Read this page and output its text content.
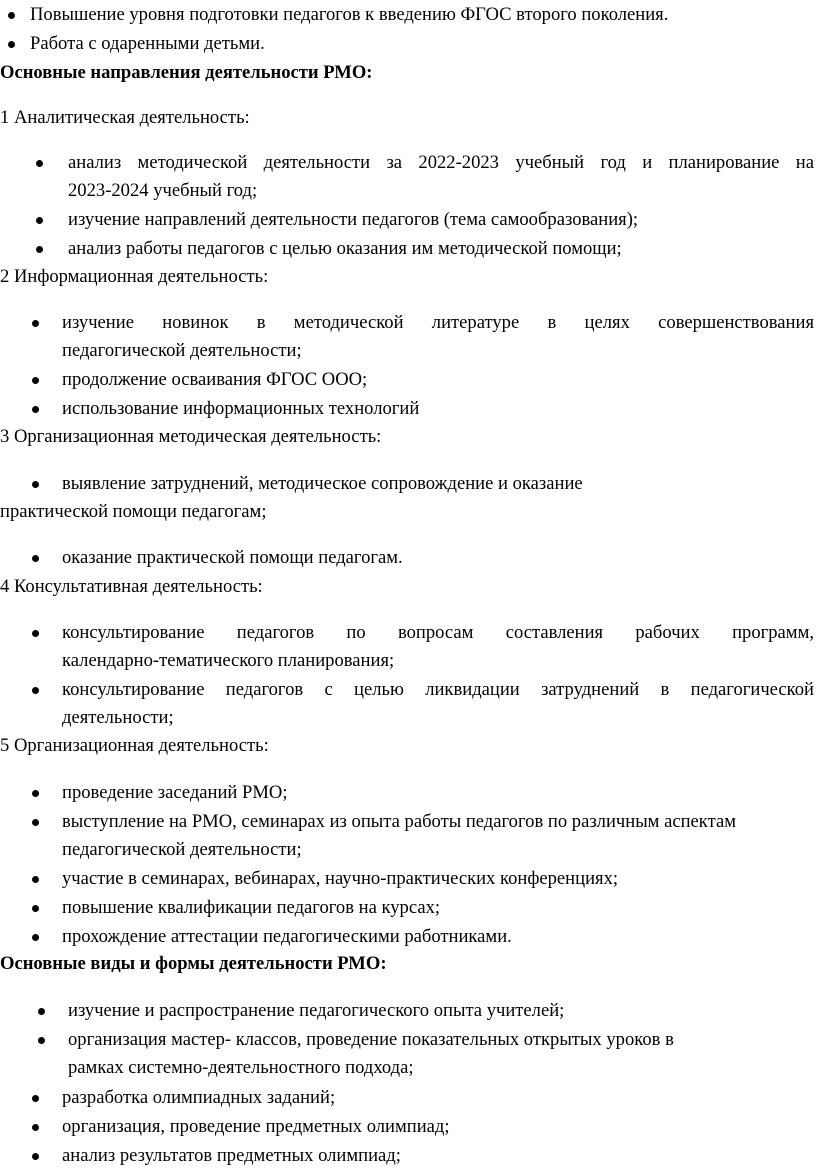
Повышение уровня подготовки педагогов к введению ФГОС второго поколения.
Работа с одаренными детьми.
Основные направления деятельности РМО:
1 Аналитическая деятельность:
анализ методической деятельности за 2022-2023 учебный год и планирование на
2023-2024 учебный год;
изучение направлений деятельности педагогов (тема самообразования);
анализ работы педагогов с целью оказания им методической помощи;
2 Информационная деятельность:
изучение новинок в методической литературе в целях совершенствования
педагогической деятельности;
продолжение осваивания ФГОС ООО;
использование информационных технологий
3 Организационная методическая деятельность:
выявление затруднений, методическое сопровождение и оказание
практической помощи педагогам;
оказание практической помощи педагогам.
4 Консультативная деятельность:
консультирование педагогов по вопросам составления рабочих программ,
календарно-тематического планирования;
консультирование педагогов с целью ликвидации затруднений в педагогической
деятельности;
5 Организационная деятельность:
проведение заседаний РМО;
выступление на РМО, семинарах из опыта работы педагогов по различным аспектам
педагогической деятельности;
участие в семинарах, вебинарах, научно-практических конференциях;
повышение квалификации педагогов на курсах;
прохождение аттестации педагогическими работниками.
Основные виды и формы деятельности РМО:
изучение и распространение педагогического опыта учителей;
организация мастер- классов, проведение показательных открытых уроков в
рамках системно-деятельностного подхода;
разработка олимпиадных заданий;
организация, проведение предметных олимпиад;
анализ результатов предметных олимпиад;
